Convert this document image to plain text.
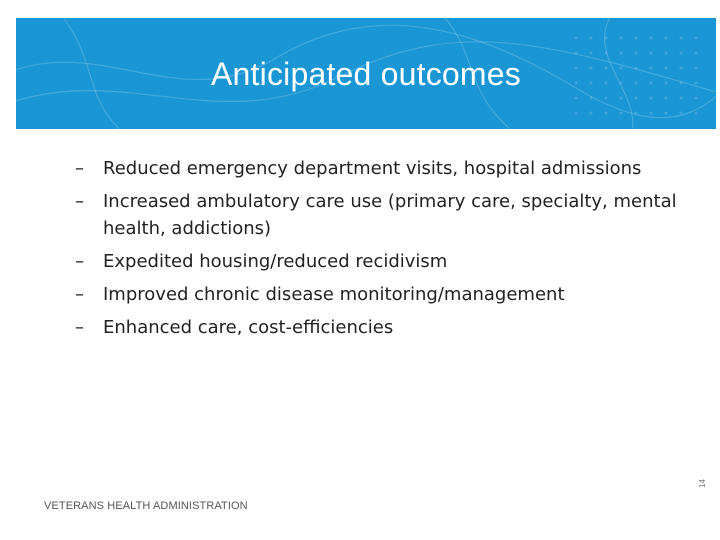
Anticipated outcomes
–	Reduced emergency department visits, hospital admissions
–	Increased ambulatory care use (primary care, specialty, mental health, addictions)
–	Expedited housing/reduced recidivism
–	Improved chronic disease monitoring/management
–	Enhanced care, cost-efficiencies
VETERANS HEALTH ADMINISTRATION
14
